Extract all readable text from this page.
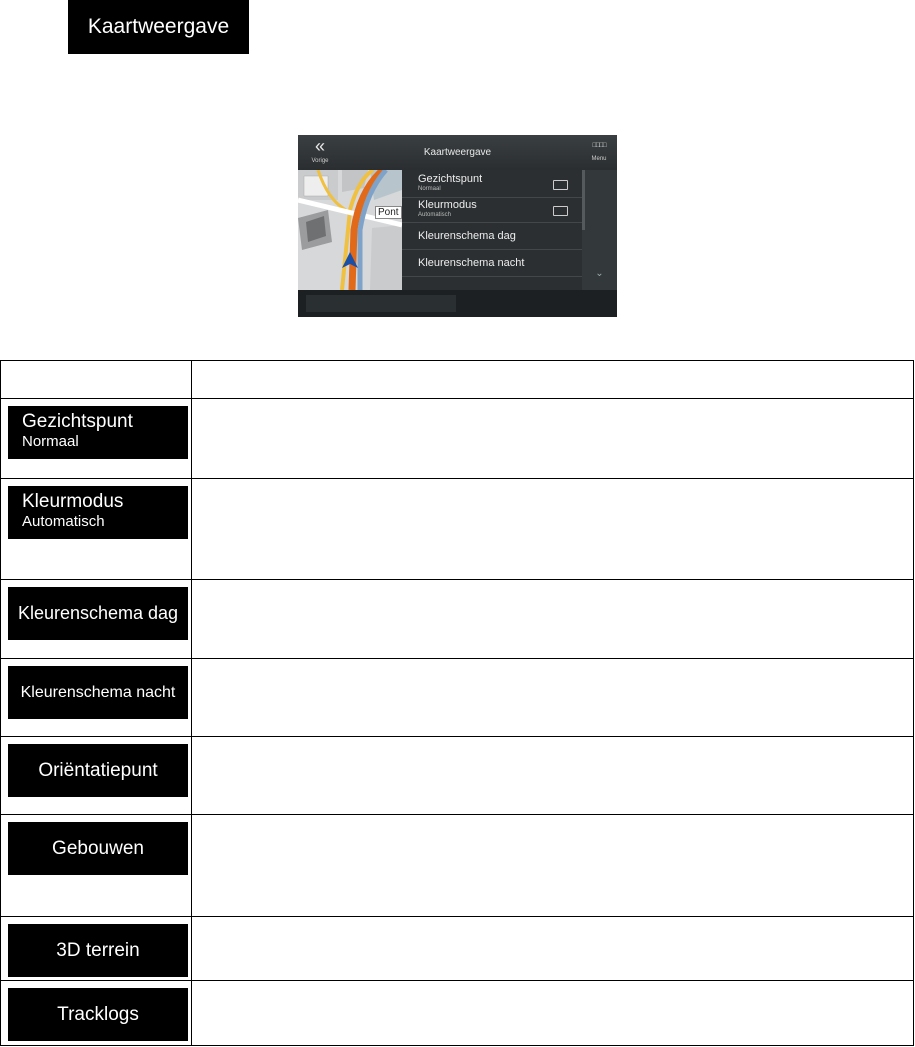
Kaartweergave
«
Vorige
Kaartweergave
□□□□
Menu
Pont
Gezichtspunt
Normaal
Kleurmodus
Automatisch
Kleurenschema dag
Kleurenschema nacht
⌄

Gezichtspunt
Normaal	

Kleurmodus
Automatisch	

Kleurenschema dag	

Kleurenschema nacht	

Oriëntatiepunt	

Gebouwen	

3D terrein	

Tracklogs	
